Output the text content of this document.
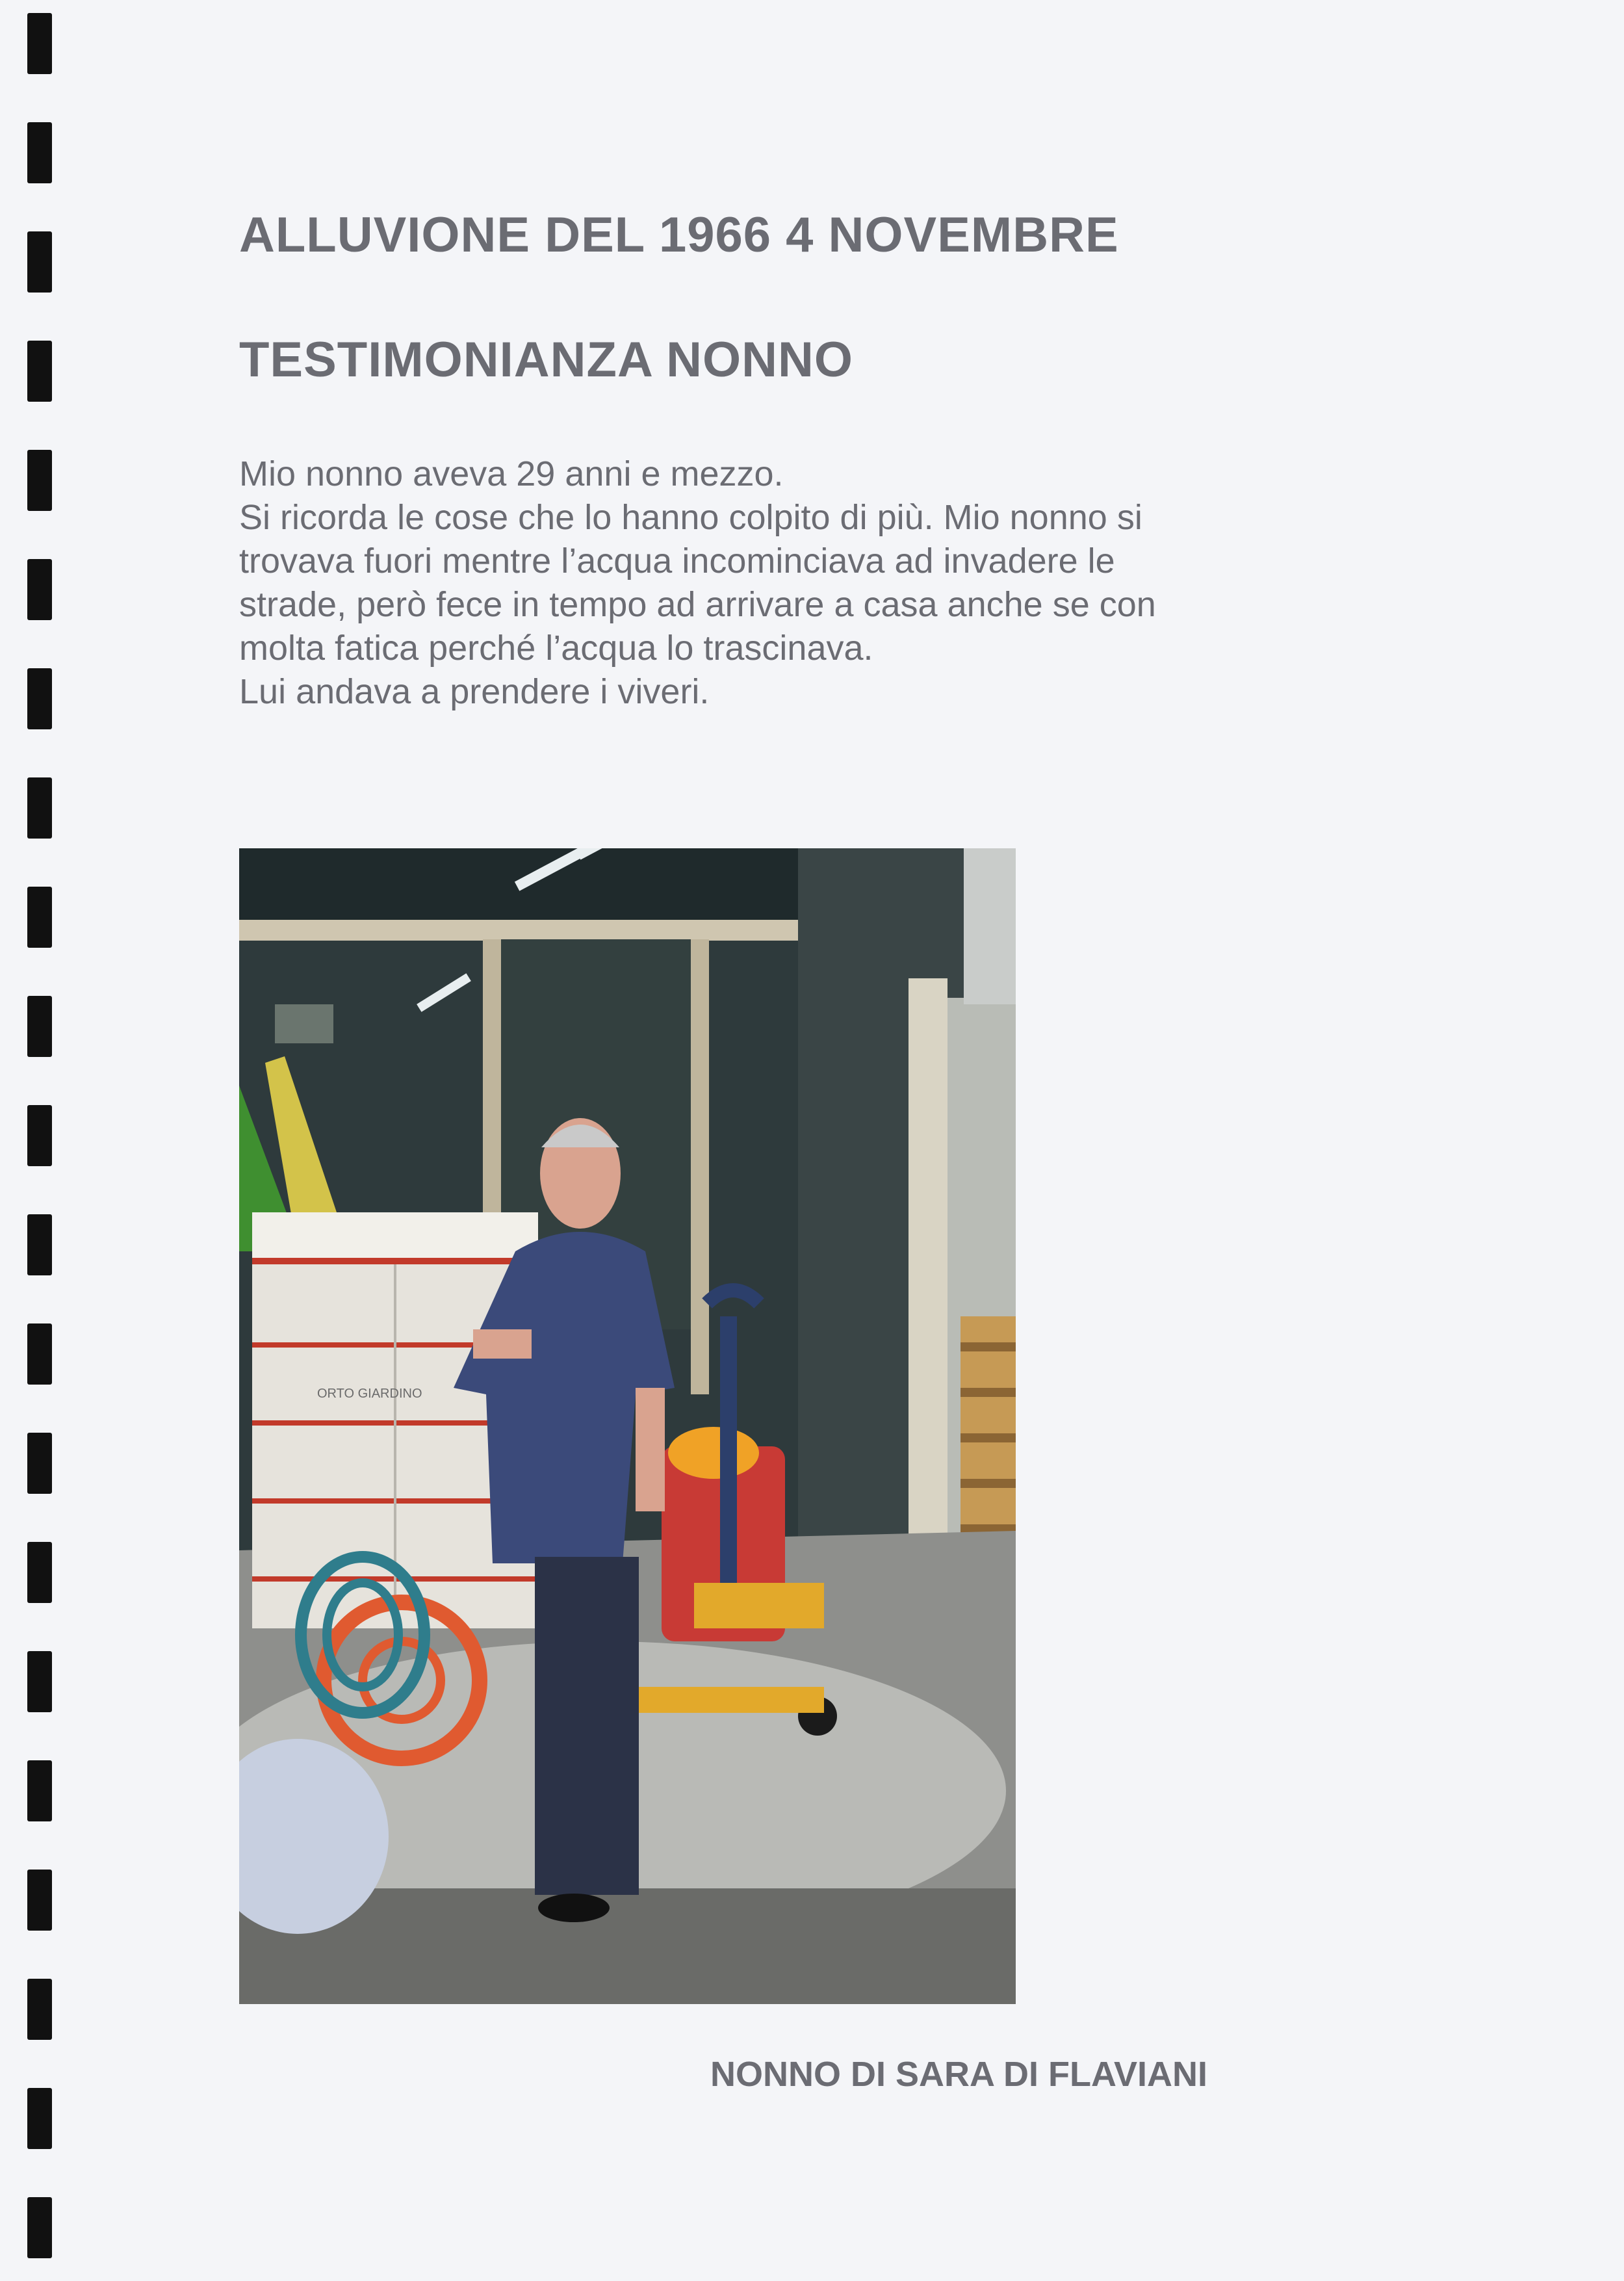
ALLUVIONE DEL 1966 4 NOVEMBRE
TESTIMONIANZA NONNO

Mio nonno aveva 29 anni e mezzo.
Si ricorda le cose che lo hanno colpito di più. Mio nonno si
trovava fuori mentre l’acqua incominciava ad invadere le
strade, però fece in tempo ad arrivare a casa anche se con
molta fatica perché l’acqua lo trascinava.
Lui andava a prendere i viveri.

ORTO GIARDINO

NONNO DI SARA DI FLAVIANI
